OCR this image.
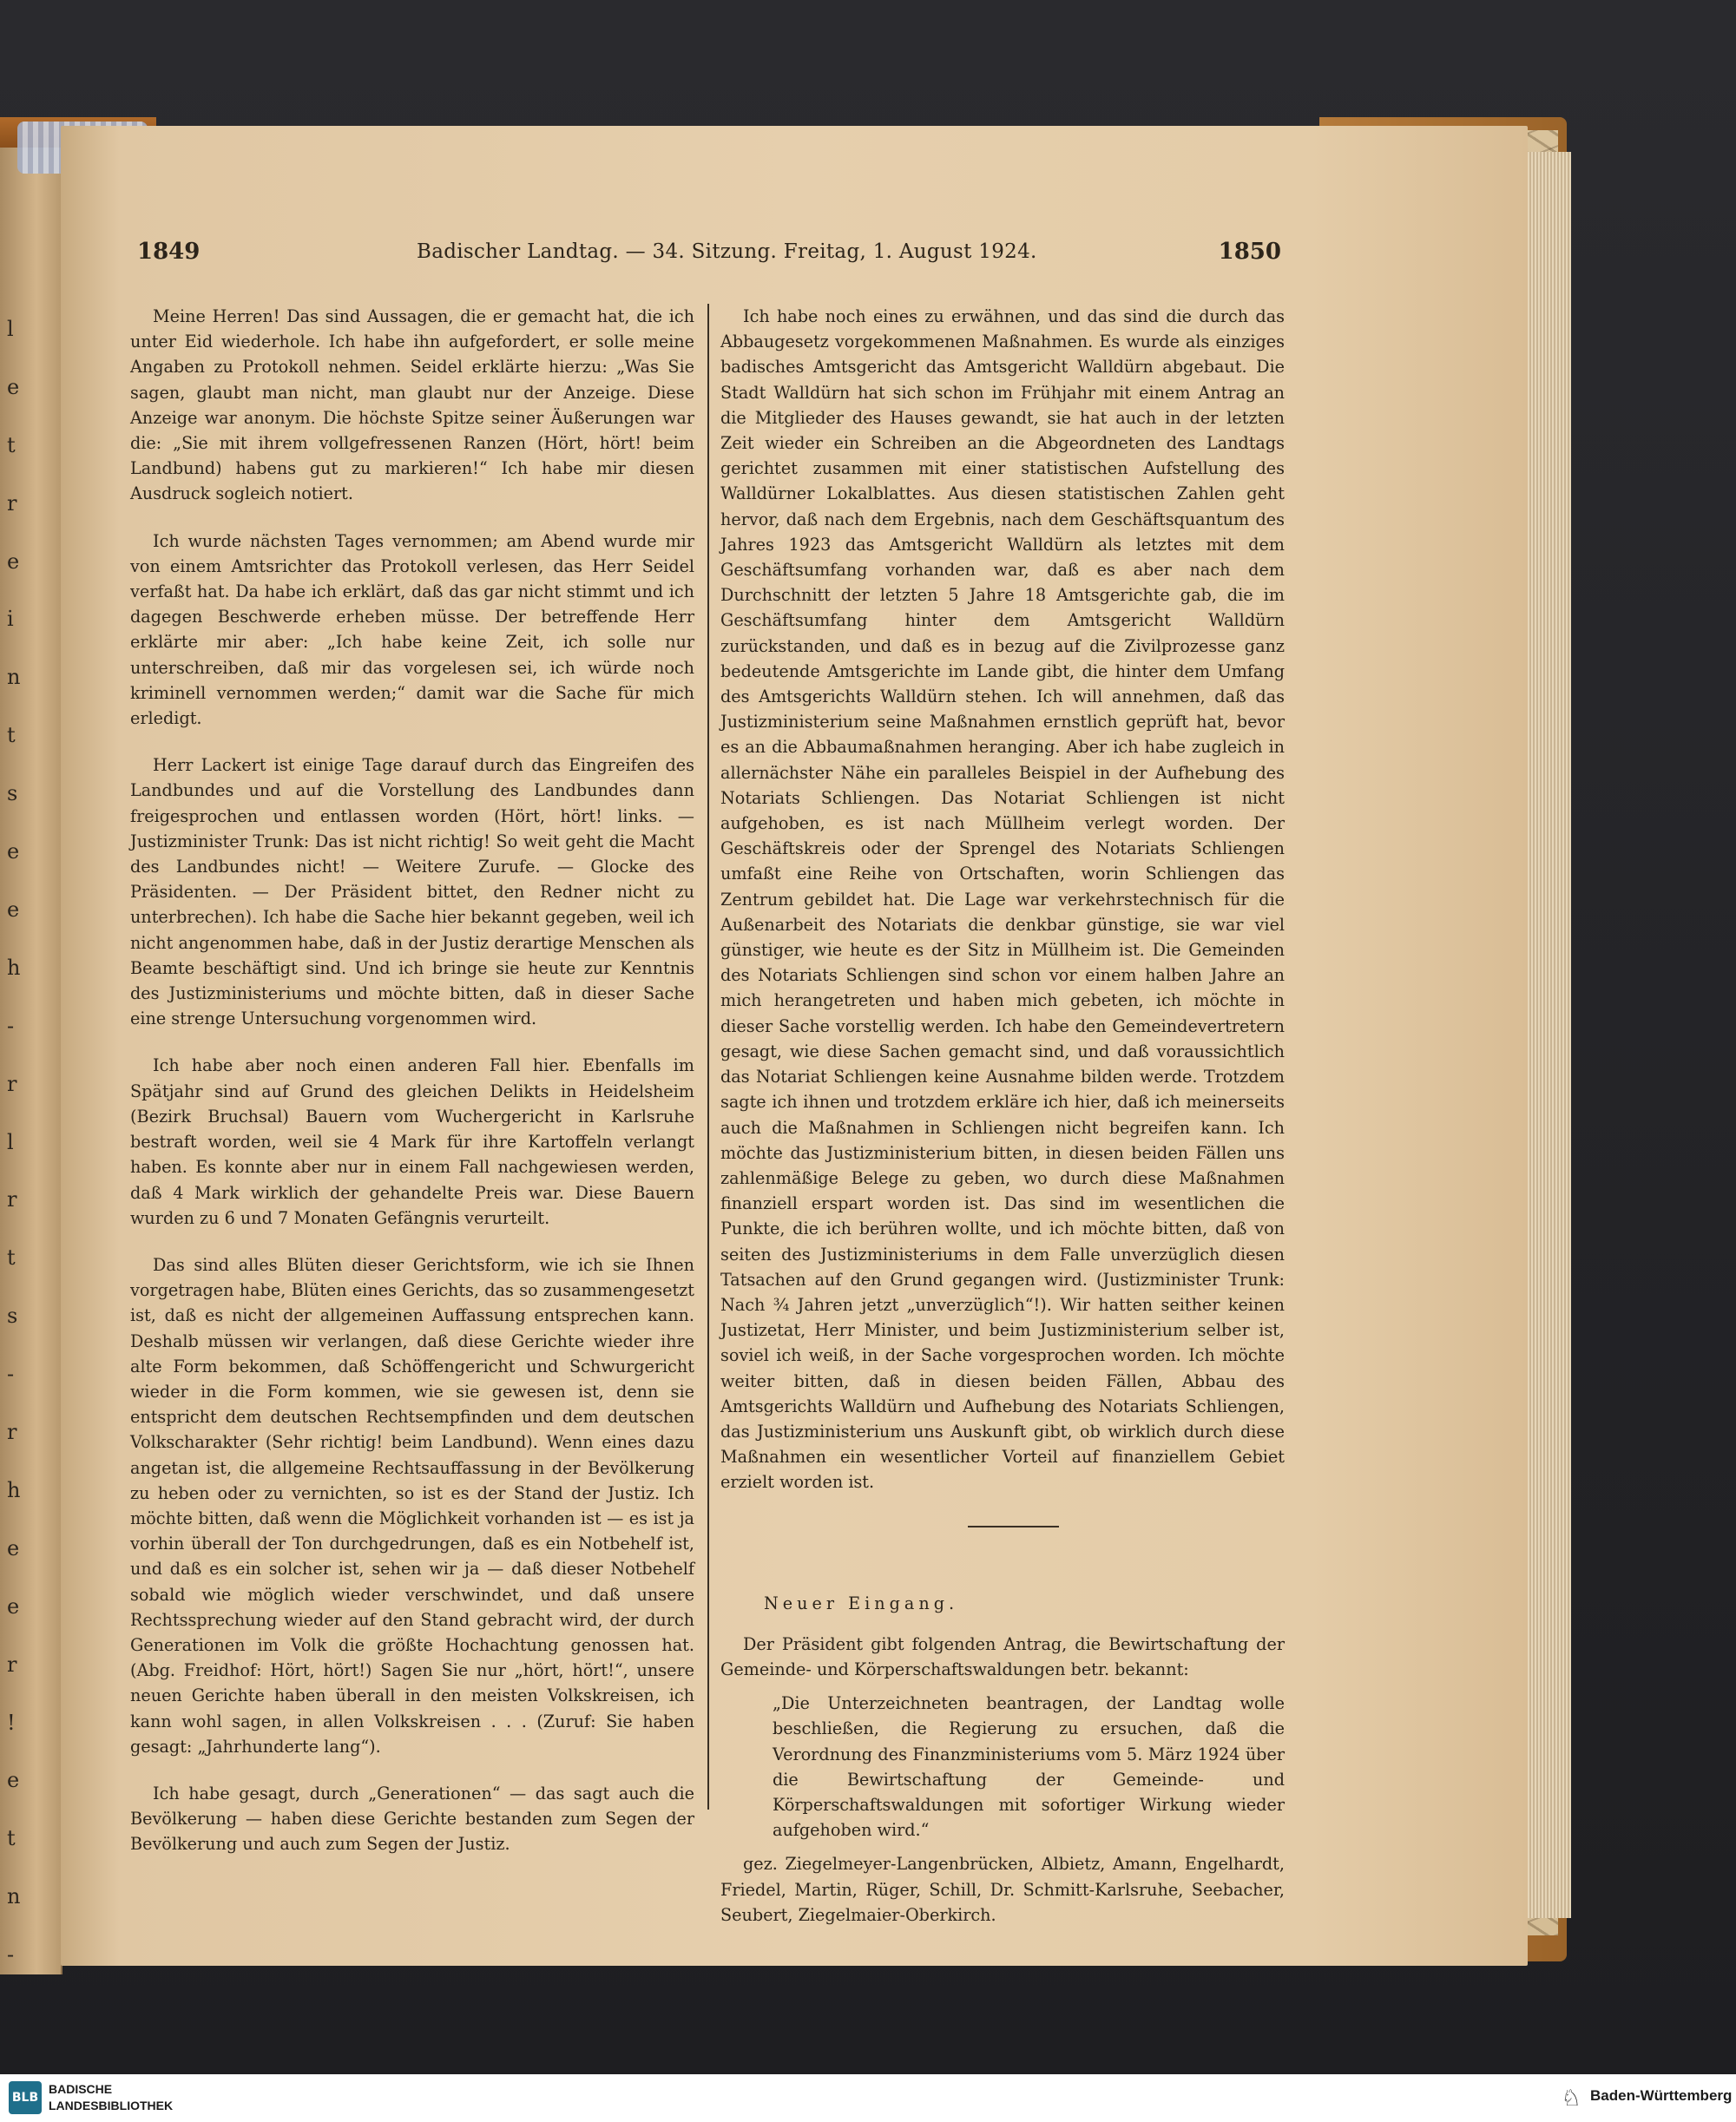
1849	Badischer Landtag. — 34. Sitzung. Freitag, 1. August 1924.	1850

Meine Herren! Das sind Aussagen, die er gemacht hat, die ich unter Eid wiederhole. Ich habe ihn aufgefordert, er solle meine Angaben zu Protokoll nehmen. Seidel erklärte hierzu: „Was Sie sagen, glaubt man nicht, man glaubt nur der Anzeige. Diese Anzeige war anonym. Die höchste Spitze seiner Äußerungen war die: „Sie mit ihrem vollgefressenen Ranzen (Hört, hört! beim Landbund) habens gut zu markieren!“ Ich habe mir diesen Ausdruck sogleich notiert.

Ich wurde nächsten Tages vernommen; am Abend wurde mir von einem Amtsrichter das Protokoll verlesen, das Herr Seidel verfaßt hat. Da habe ich erklärt, daß das gar nicht stimmt und ich dagegen Beschwerde erheben müsse. Der betreffende Herr erklärte mir aber: „Ich habe keine Zeit, ich solle nur unterschreiben, daß mir das vorgelesen sei, ich würde noch kriminell vernommen werden;“ damit war die Sache für mich erledigt.

Herr Lackert ist einige Tage darauf durch das Eingreifen des Landbundes und auf die Vorstellung des Landbundes dann freigesprochen und entlassen worden (Hört, hört! links. — Justizminister Trunk: Das ist nicht richtig! So weit geht die Macht des Landbundes nicht! — Weitere Zurufe. — Glocke des Präsidenten. — Der Präsident bittet, den Redner nicht zu unterbrechen). Ich habe die Sache hier bekannt gegeben, weil ich nicht angenommen habe, daß in der Justiz derartige Menschen als Beamte beschäftigt sind. Und ich bringe sie heute zur Kenntnis des Justizministeriums und möchte bitten, daß in dieser Sache eine strenge Untersuchung vorgenommen wird.

Ich habe aber noch einen anderen Fall hier. Ebenfalls im Spätjahr sind auf Grund des gleichen Delikts in Heidelsheim (Bezirk Bruchsal) Bauern vom Wuchergericht in Karlsruhe bestraft worden, weil sie 4 Mark für ihre Kartoffeln verlangt haben. Es konnte aber nur in einem Fall nachgewiesen werden, daß 4 Mark wirklich der gehandelte Preis war. Diese Bauern wurden zu 6 und 7 Monaten Gefängnis verurteilt.

Das sind alles Blüten dieser Gerichtsform, wie ich sie Ihnen vorgetragen habe, Blüten eines Gerichts, das so zusammengesetzt ist, daß es nicht der allgemeinen Auffassung entsprechen kann. Deshalb müssen wir verlangen, daß diese Gerichte wieder ihre alte Form bekommen, daß Schöffengericht und Schwurgericht wieder in die Form kommen, wie sie gewesen ist, denn sie entspricht dem deutschen Rechtsempfinden und dem deutschen Volkscharakter (Sehr richtig! beim Landbund). Wenn eines dazu angetan ist, die allgemeine Rechtsauffassung in der Bevölkerung zu heben oder zu vernichten, so ist es der Stand der Justiz. Ich möchte bitten, daß wenn die Möglichkeit vorhanden ist — es ist ja vorhin überall der Ton durchgedrungen, daß es ein Notbehelf ist, und daß es ein solcher ist, sehen wir ja — daß dieser Notbehelf sobald wie möglich wieder verschwindet, und daß unsere Rechtssprechung wieder auf den Stand gebracht wird, der durch Generationen im Volk die größte Hochachtung genossen hat. (Abg. Freidhof: Hört, hört!) Sagen Sie nur „hört, hört!“, unsere neuen Gerichte haben überall in den meisten Volkskreisen, ich kann wohl sagen, in allen Volkskreisen . . . (Zuruf: Sie haben gesagt: „Jahrhunderte lang“).

Ich habe gesagt, durch „Generationen“ — das sagt auch die Bevölkerung — haben diese Gerichte bestanden zum Segen der Bevölkerung und auch zum Segen der Justiz.

Ich habe noch eines zu erwähnen, und das sind die durch das Abbaugesetz vorgekommenen Maßnahmen. Es wurde als einziges badisches Amtsgericht das Amtsgericht Walldürn abgebaut. Die Stadt Walldürn hat sich schon im Frühjahr mit einem Antrag an die Mitglieder des Hauses gewandt, sie hat auch in der letzten Zeit wieder ein Schreiben an die Abgeordneten des Landtags gerichtet zusammen mit einer statistischen Aufstellung des Walldürner Lokalblattes. Aus diesen statistischen Zahlen geht hervor, daß nach dem Ergebnis, nach dem Geschäftsquantum des Jahres 1923 das Amtsgericht Walldürn als letztes mit dem Geschäftsumfang vorhanden war, daß es aber nach dem Durchschnitt der letzten 5 Jahre 18 Amtsgerichte gab, die im Geschäftsumfang hinter dem Amtsgericht Walldürn zurückstanden, und daß es in bezug auf die Zivilprozesse ganz bedeutende Amtsgerichte im Lande gibt, die hinter dem Umfang des Amtsgerichts Walldürn stehen. Ich will annehmen, daß das Justizministerium seine Maßnahmen ernstlich geprüft hat, bevor es an die Abbaumaßnahmen heranging. Aber ich habe zugleich in allernächster Nähe ein paralleles Beispiel in der Aufhebung des Notariats Schliengen. Das Notariat Schliengen ist nicht aufgehoben, es ist nach Müllheim verlegt worden. Der Geschäftskreis oder der Sprengel des Notariats Schliengen umfaßt eine Reihe von Ortschaften, worin Schliengen das Zentrum gebildet hat. Die Lage war verkehrstechnisch für die Außenarbeit des Notariats die denkbar günstige, sie war viel günstiger, wie heute es der Sitz in Müllheim ist. Die Gemeinden des Notariats Schliengen sind schon vor einem halben Jahre an mich herangetreten und haben mich gebeten, ich möchte in dieser Sache vorstellig werden. Ich habe den Gemeindevertretern gesagt, wie diese Sachen gemacht sind, und daß voraussichtlich das Notariat Schliengen keine Ausnahme bilden werde. Trotzdem sagte ich ihnen und trotzdem erkläre ich hier, daß ich meinerseits auch die Maßnahmen in Schliengen nicht begreifen kann. Ich möchte das Justizministerium bitten, in diesen beiden Fällen uns zahlenmäßige Belege zu geben, wo durch diese Maßnahmen finanziell erspart worden ist. Das sind im wesentlichen die Punkte, die ich berühren wollte, und ich möchte bitten, daß von seiten des Justizministeriums in dem Falle unverzüglich diesen Tatsachen auf den Grund gegangen wird. (Justizminister Trunk: Nach ¾ Jahren jetzt „unverzüglich“!). Wir hatten seither keinen Justizetat, Herr Minister, und beim Justizministerium selber ist, soviel ich weiß, in der Sache vorgesprochen worden. Ich möchte weiter bitten, daß in diesen beiden Fällen, Abbau des Amtsgerichts Walldürn und Aufhebung des Notariats Schliengen, das Justizministerium uns Auskunft gibt, ob wirklich durch diese Maßnahmen ein wesentlicher Vorteil auf finanziellem Gebiet erzielt worden ist.

Neuer Eingang.

Der Präsident gibt folgenden Antrag, die Bewirtschaftung der Gemeinde- und Körperschaftswaldungen betr. bekannt:

„Die Unterzeichneten beantragen, der Landtag wolle beschließen, die Regierung zu ersuchen, daß die Verordnung des Finanzministeriums vom 5. März 1924 über die Bewirtschaftung der Gemeinde- und Körperschaftswaldungen mit sofortiger Wirkung wieder aufgehoben wird.“

gez. Ziegelmeyer-Langenbrücken, Albietz, Amann, Engelhardt, Friedel, Martin, Rüger, Schill, Dr. Schmitt-Karlsruhe, Seebacher, Seubert, Ziegelmaier-Oberkirch.

BLB
BADISCHE
LANDESBIBLIOTHEK	♘ Baden-Württemberg
l
e
t
r
e
i
n
t
s
e
e
h
-
r
l
r
t
s
-
r
h
e
e
r
!
e
t
n
-
